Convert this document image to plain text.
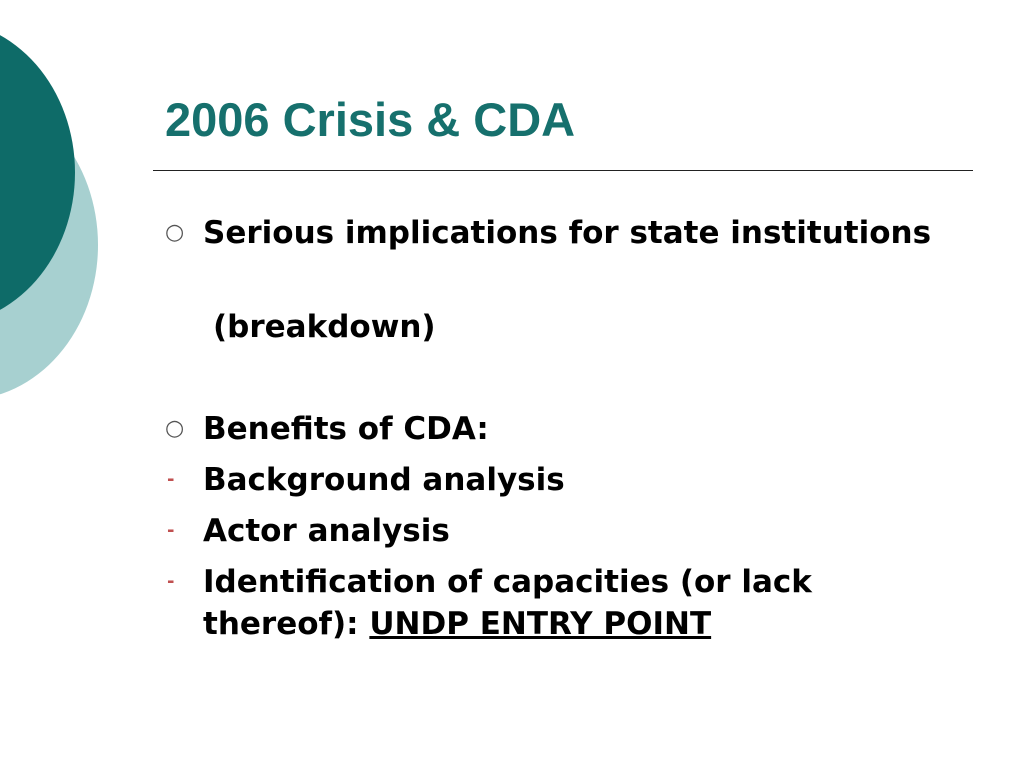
2006 Crisis & CDA
○ Serious implications for state institutions
(breakdown)
○ Benefits of CDA:
- Background analysis
- Actor analysis
- Identification of capacities (or lack thereof): UNDP ENTRY POINT
